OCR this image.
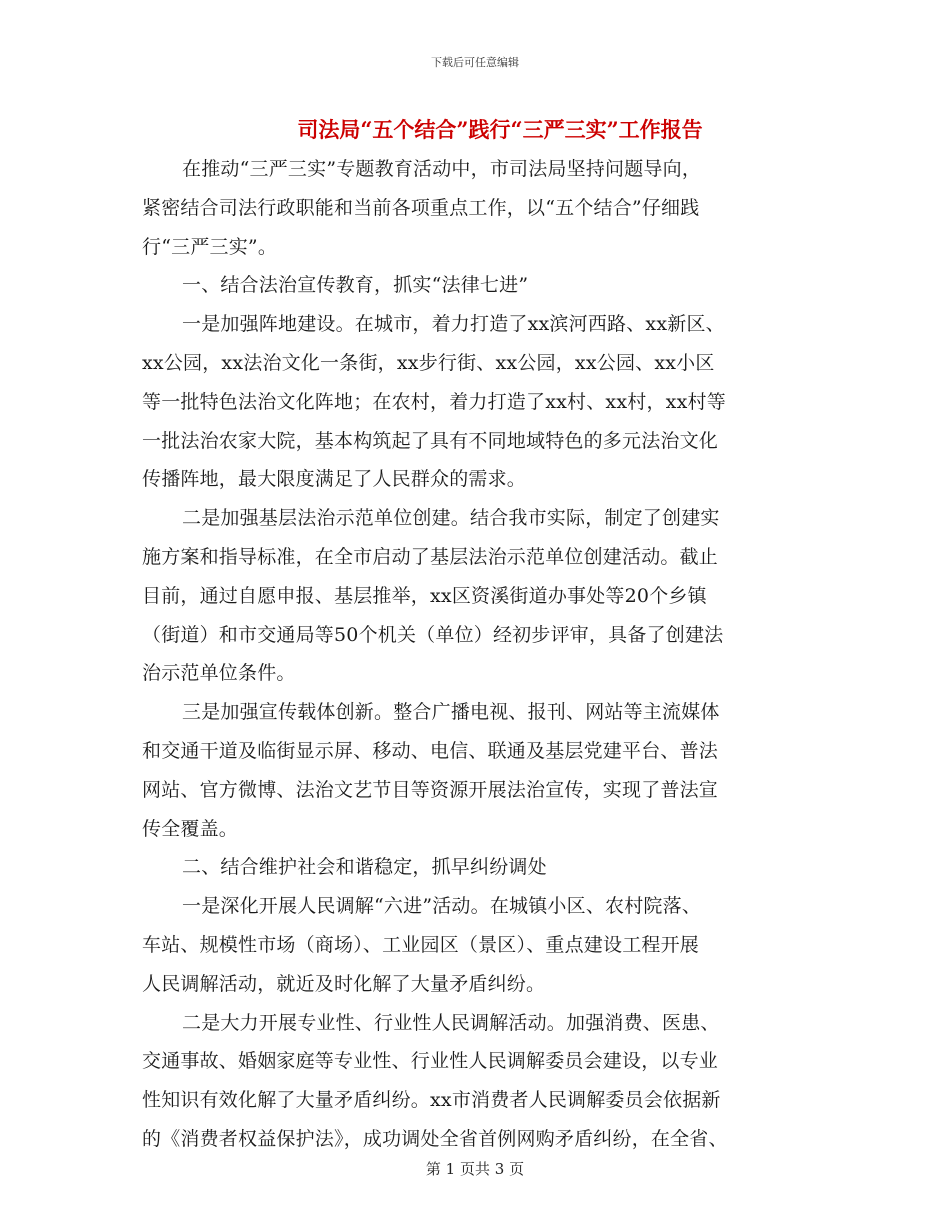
下载后可任意编辑
司法局“五个结合”践行“三严三实”工作报告
在推动“三严三实”专题教育活动中，市司法局坚持问题导向，
紧密结合司法行政职能和当前各项重点工作，以“五个结合”仔细践
行“三严三实”。
一、结合法治宣传教育，抓实“法律七进”
一是加强阵地建设。在城市，着力打造了xx滨河西路、xx新区、
xx公园，xx法治文化一条街，xx步行街、xx公园，xx公园、xx小区
等一批特色法治文化阵地；在农村，着力打造了xx村、xx村，xx村等
一批法治农家大院，基本构筑起了具有不同地域特色的多元法治文化
传播阵地，最大限度满足了人民群众的需求。
二是加强基层法治示范单位创建。结合我市实际，制定了创建实
施方案和指导标准，在全市启动了基层法治示范单位创建活动。截止
目前，通过自愿申报、基层推举，xx区资溪街道办事处等20个乡镇
（街道）和市交通局等50个机关（单位）经初步评审，具备了创建法
治示范单位条件。
三是加强宣传载体创新。整合广播电视、报刊、网站等主流媒体
和交通干道及临街显示屏、移动、电信、联通及基层党建平台、普法
网站、官方微博、法治文艺节目等资源开展法治宣传，实现了普法宣
传全覆盖。
二、结合维护社会和谐稳定，抓早纠纷调处
一是深化开展人民调解“六进”活动。在城镇小区、农村院落、
车站、规模性市场（商场）、工业园区（景区）、重点建设工程开展
人民调解活动，就近及时化解了大量矛盾纠纷。
二是大力开展专业性、行业性人民调解活动。加强消费、医患、
交通事故、婚姻家庭等专业性、行业性人民调解委员会建设，以专业
性知识有效化解了大量矛盾纠纷。xx市消费者人民调解委员会依据新
的《消费者权益保护法》，成功调处全省首例网购矛盾纠纷，在全省、
第 1 页共 3 页
